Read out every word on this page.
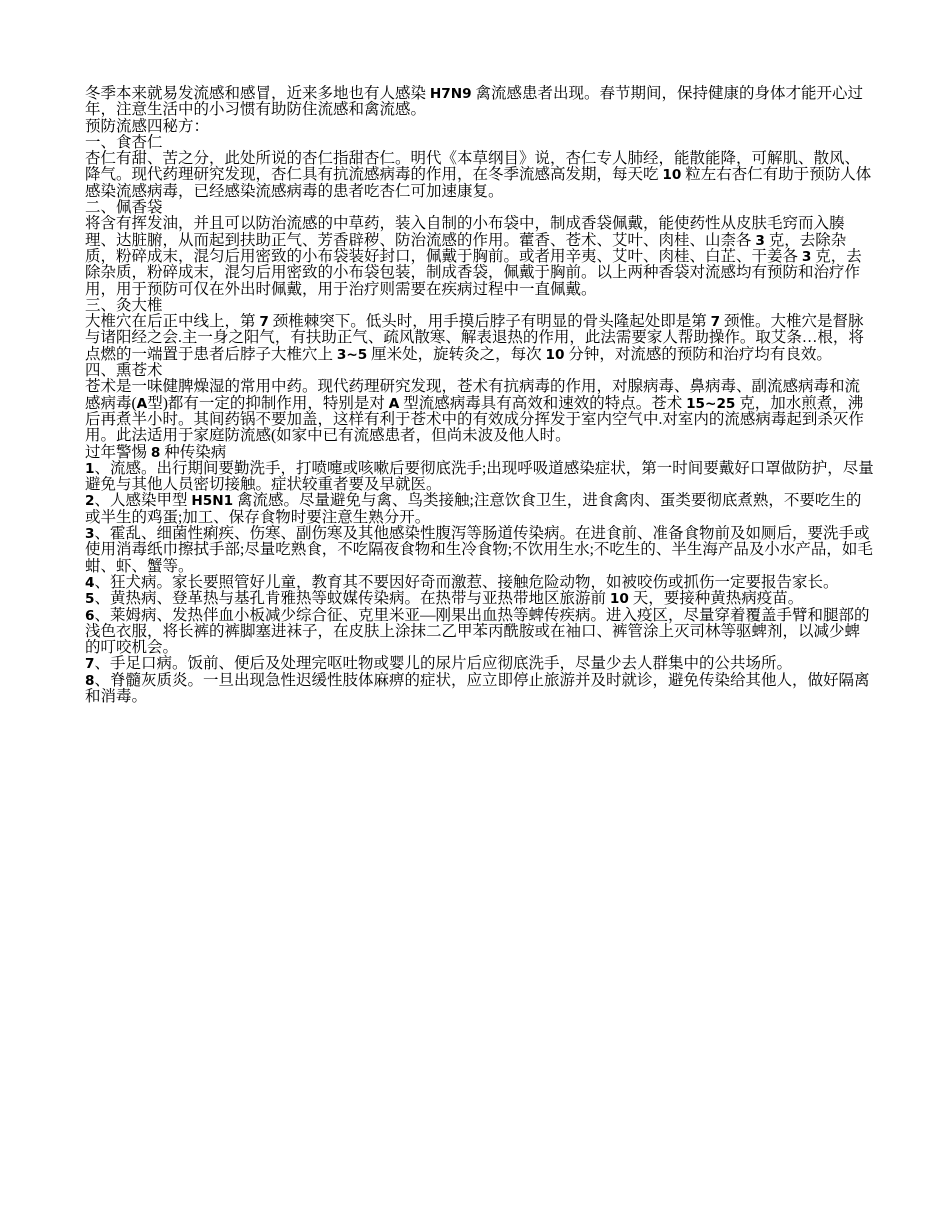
冬季本来就易发流感和感冒，近来多地也有人感染 H7N9 禽流感患者出现。春节期间，保持健康的身体才能开心过年，注意生活中的小习惯有助防住流感和禽流感。

预防流感四秘方：

一、食杏仁

杏仁有甜、苦之分，此处所说的杏仁指甜杏仁。明代《本草纲目》说，杏仁专人肺经，能散能降，可解肌、散风、降气。现代药理研究发现，杏仁具有抗流感病毒的作用，在冬季流感高发期，每天吃 10 粒左右杏仁有助于预防人体感染流感病毒，已经感染流感病毒的患者吃杏仁可加速康复。

二、佩香袋

将含有挥发油，并且可以防治流感的中草药，装入自制的小布袋中，制成香袋佩戴，能使药性从皮肤毛窍而入腠理、达脏腑，从而起到扶助正气、芳香辟秽、防治流感的作用。藿香、苍术、艾叶、肉桂、山柰各 3 克，去除杂质，粉碎成末，混匀后用密致的小布袋装好封口，佩戴于胸前。或者用辛夷、艾叶、肉桂、白芷、干姜各 3 克，去除杂质，粉碎成末，混匀后用密致的小布袋包装，制成香袋，佩戴于胸前。以上两种香袋对流感均有预防和治疗作用，用于预防可仅在外出时佩戴，用于治疗则需要在疾病过程中一直佩戴。

三、灸大椎

大椎穴在后正中线上，第 7 颈椎棘突下。低头时，用手摸后脖子有明显的骨头隆起处即是第 7 颈惟。大椎穴是督脉与诸阳经之会.主一身之阳气，有扶助正气、疏风散寒、解表退热的作用，此法需要家人帮助操作。取艾条…根，将点燃的一端置于患者后脖子大椎穴上 3~5 厘米处，旋转灸之，每次 10 分钟，对流感的预防和治疗均有良效。

四、熏苍术

苍术是一味健脾燥湿的常用中药。现代药理研究发现，苍术有抗病毒的作用，对腺病毒、鼻病毒、副流感病毒和流感病毒(A型)都有一定的抑制作用，特别是对 A 型流感病毒具有高效和速效的特点。苍术 15~25 克，加水煎煮，沸后再煮半小时。其间药锅不要加盖，这样有利于苍术中的有效成分挥发于室内空气中.对室内的流感病毒起到杀灭作用。此法适用于家庭防流感(如家中已有流感患者，但尚未波及他人时。

过年警惕 8 种传染病

1、流感。出行期间要勤洗手，打喷嚏或咳嗽后要彻底洗手;出现呼吸道感染症状，第一时间要戴好口罩做防护，尽量避免与其他人员密切接触。症状较重者要及早就医。

2、人感染甲型 H5N1 禽流感。尽量避免与禽、鸟类接触;注意饮食卫生，进食禽肉、蛋类要彻底煮熟，不要吃生的或半生的鸡蛋;加工、保存食物时要注意生熟分开。

3、霍乱、细菌性痢疾、伤寒、副伤寒及其他感染性腹泻等肠道传染病。在进食前、准备食物前及如厕后，要洗手或使用消毒纸巾擦拭手部;尽量吃熟食，不吃隔夜食物和生冷食物;不饮用生水;不吃生的、半生海产品及小水产品，如毛蚶、虾、蟹等。

4、狂犬病。家长要照管好儿童，教育其不要因好奇而激惹、接触危险动物，如被咬伤或抓伤一定要报告家长。

5、黄热病、登革热与基孔肯雅热等蚊媒传染病。在热带与亚热带地区旅游前 10 天，要接种黄热病疫苗。

6、莱姆病、发热伴血小板减少综合征、克里米亚—刚果出血热等蜱传疾病。进入疫区，尽量穿着覆盖手臂和腿部的浅色衣服，将长裤的裤脚塞进袜子，在皮肤上涂抹二乙甲苯丙酰胺或在袖口、裤管涂上灭司林等驱蜱剂，以减少蜱的叮咬机会。

7、手足口病。饭前、便后及处理完呕吐物或婴儿的尿片后应彻底洗手，尽量少去人群集中的公共场所。

8、脊髓灰质炎。一旦出现急性迟缓性肢体麻痹的症状，应立即停止旅游并及时就诊，避免传染给其他人，做好隔离和消毒。
